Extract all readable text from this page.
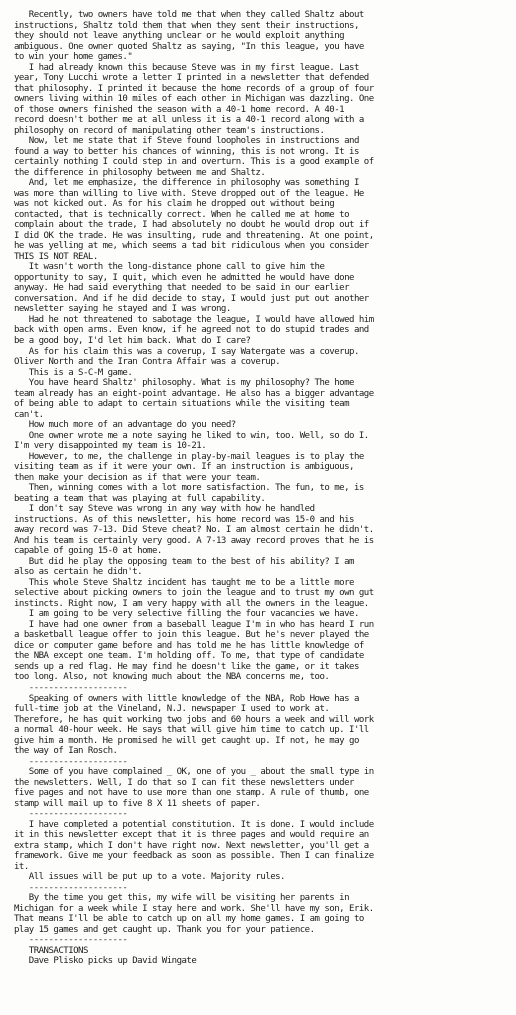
Recently, two owners have told me that when they called Shaltz about
instructions, Shaltz told them that when they sent their instructions,
they should not leave anything unclear or he would exploit anything
ambiguous. One owner quoted Shaltz as saying, "In this league, you have
to win your home games."
I had already known this because Steve was in my first league. Last
year, Tony Lucchi wrote a letter I printed in a newsletter that defended
that philosophy. I printed it because the home records of a group of four
owners living within 10 miles of each other in Michigan was dazzling. One
of those owners finished the season with a 40-1 home record. A 40-1
record doesn't bother me at all unless it is a 40-1 record along with a
philosophy on record of manipulating other team's instructions.
Now, let me state that if Steve found loopholes in instructions and
found a way to better his chances of winning, this is not wrong. It is
certainly nothing I could step in and overturn. This is a good example of
the difference in philosophy between me and Shaltz.
And, let me emphasize, the difference in philosophy was something I
was more than willing to live with. Steve dropped out of the league. He
was not kicked out. As for his claim he dropped out without being
contacted, that is technically correct. When he called me at home to
complain about the trade, I had absolutely no doubt he would drop out if
I did OK the trade. He was insulting, rude and threatening. At one point,
he was yelling at me, which seems a tad bit ridiculous when you consider
THIS IS NOT REAL.
It wasn't worth the long-distance phone call to give him the
opportunity to say, I quit, which even he admitted he would have done
anyway. He had said everything that needed to be said in our earlier
conversation. And if he did decide to stay, I would just put out another
newsletter saying he stayed and I was wrong.
Had he not threatened to sabotage the league, I would have allowed him
back with open arms. Even know, if he agreed not to do stupid trades and
be a good boy, I'd let him back. What do I care?
As for his claim this was a coverup, I say Watergate was a coverup.
Oliver North and the Iran Contra Affair was a coverup.
This is a S-C-M game.
You have heard Shaltz' philosophy. What is my philosophy? The home
team already has an eight-point advantage. He also has a bigger advantage
of being able to adapt to certain situations while the visiting team
can't.
How much more of an advantage do you need?
One owner wrote me a note saying he liked to win, too. Well, so do I.
I'm very disappointed my team is 10-21.
However, to me, the challenge in play-by-mail leagues is to play the
visiting team as if it were your own. If an instruction is ambiguous,
then make your decision as if that were your team.
Then, winning comes with a lot more satisfaction. The fun, to me, is
beating a team that was playing at full capability.
I don't say Steve was wrong in any way with how he handled
instructions. As of this newsletter, his home record was 15-0 and his
away record was 7-13. Did Steve cheat? No. I am almost certain he didn't.
And his team is certainly very good. A 7-13 away record proves that he is
capable of going 15-0 at home.
But did he play the opposing team to the best of his ability? I am
also as certain he didn't.
This whole Steve Shaltz incident has taught me to be a little more
selective about picking owners to join the league and to trust my own gut
instincts. Right now, I am very happy with all the owners in the league.
I am going to be very selective filling the four vacancies we have.
I have had one owner from a baseball league I'm in who has heard I run
a basketball league offer to join this league. But he's never played the
dice or computer game before and has told me he has little knowledge of
the NBA except one team. I'm holding off. To me, that type of candidate
sends up a red flag. He may find he doesn't like the game, or it takes
too long. Also, not knowing much about the NBA concerns me, too.
--------------------
Speaking of owners with little knowledge of the NBA, Rob Howe has a
full-time job at the Vineland, N.J. newspaper I used to work at.
Therefore, he has quit working two jobs and 60 hours a week and will work
a normal 40-hour week. He says that will give him time to catch up. I'll
give him a month. He promised he will get caught up. If not, he may go
the way of Ian Rosch.
--------------------
Some of you have complained _ OK, one of you _ about the small type in
the newsletters. Well, I do that so I can fit these newsletters under
five pages and not have to use more than one stamp. A rule of thumb, one
stamp will mail up to five 8 X 11 sheets of paper.
--------------------
I have completed a potential constitution. It is done. I would include
it in this newsletter except that it is three pages and would require an
extra stamp, which I don't have right now. Next newsletter, you'll get a
framework. Give me your feedback as soon as possible. Then I can finalize
it.
All issues will be put up to a vote. Majority rules.
--------------------
By the time you get this, my wife will be visiting her parents in
Michigan for a week while I stay here and work. She'll have my son, Erik.
That means I'll be able to catch up on all my home games. I am going to
play 15 games and get caught up. Thank you for your patience.
--------------------
TRANSACTIONS
Dave Plisko picks up David Wingate
